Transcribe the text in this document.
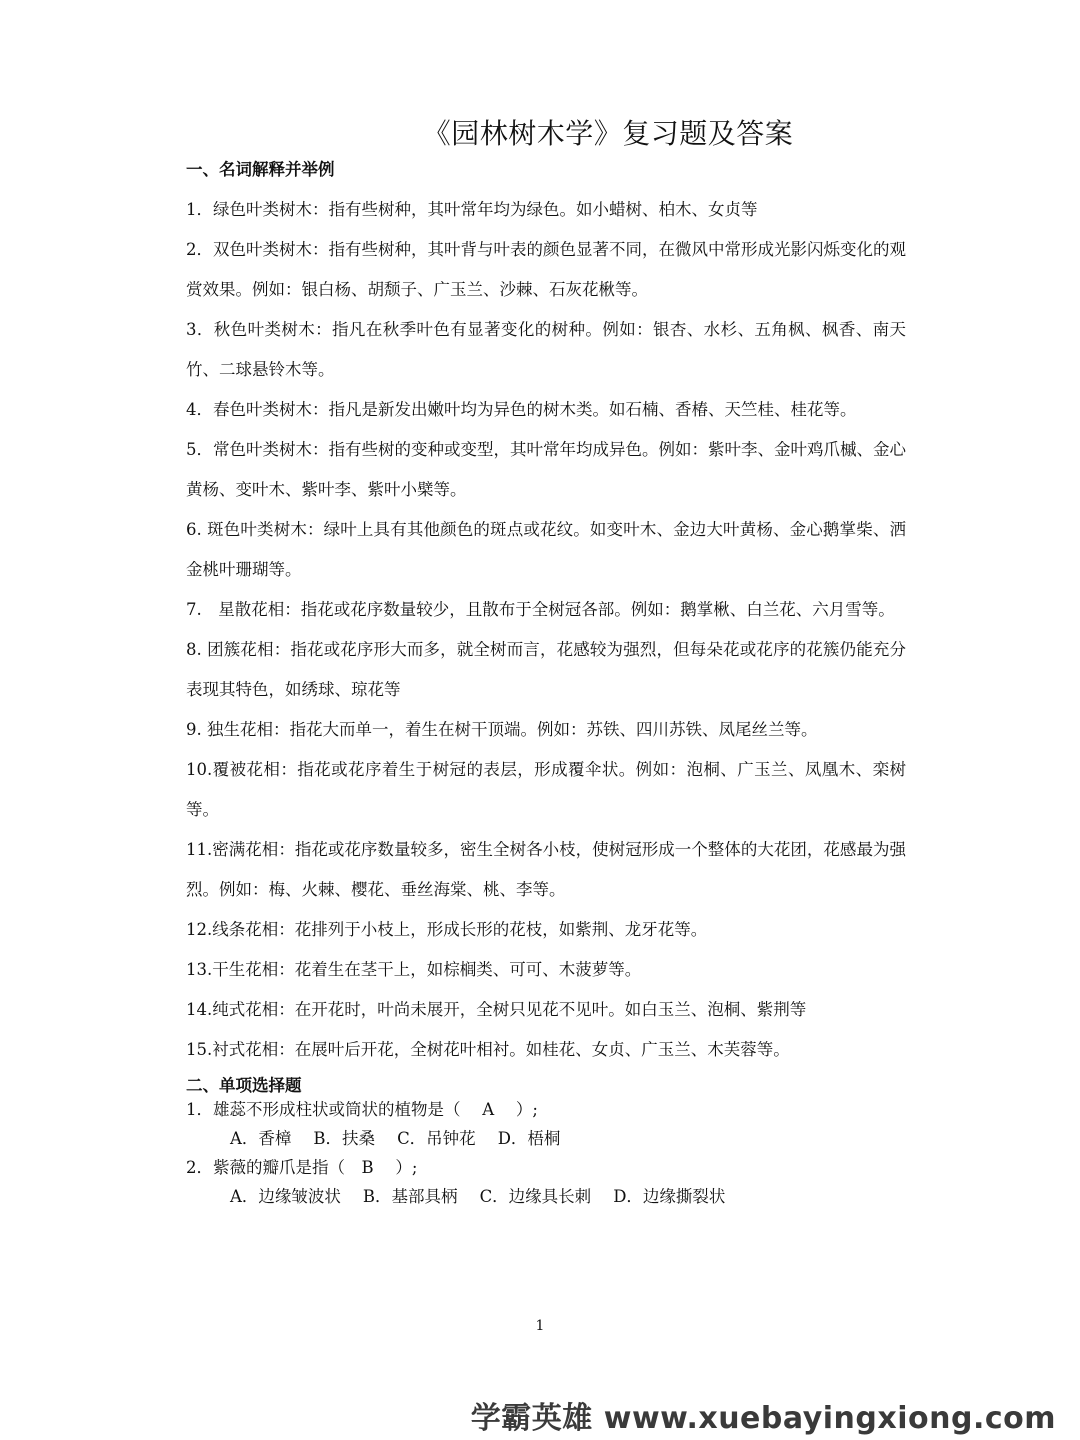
《园林树木学》复习题及答案

一、名词解释并举例

1．绿色叶类树木：指有些树种，其叶常年均为绿色。如小蜡树、柏木、女贞等

2．双色叶类树木：指有些树种，其叶背与叶表的颜色显著不同，在微风中常形成光影闪烁变化的观赏效果。例如：银白杨、胡颓子、广玉兰、沙棘、石灰花楸等。

3．秋色叶类树木：指凡在秋季叶色有显著变化的树种。例如：银杏、水杉、五角枫、枫香、南天竹、二球悬铃木等。

4．春色叶类树木：指凡是新发出嫩叶均为异色的树木类。如石楠、香椿、天竺桂、桂花等。

5．常色叶类树木：指有些树的变种或变型，其叶常年均成异色。例如：紫叶李、金叶鸡爪槭、金心黄杨、变叶木、紫叶李、紫叶小檗等。

6. 斑色叶类树木：绿叶上具有其他颜色的斑点或花纹。如变叶木、金边大叶黄杨、金心鹅掌柴、洒金桃叶珊瑚等。

7.　星散花相：指花或花序数量较少，且散布于全树冠各部。例如：鹅掌楸、白兰花、六月雪等。

8. 团簇花相：指花或花序形大而多，就全树而言，花感较为强烈，但每朵花或花序的花簇仍能充分表现其特色，如绣球、琼花等

9. 独生花相：指花大而单一，着生在树干顶端。例如：苏铁、四川苏铁、凤尾丝兰等。

10.覆被花相：指花或花序着生于树冠的表层，形成覆伞状。例如：泡桐、广玉兰、凤凰木、栾树等。

11.密满花相：指花或花序数量较多，密生全树各小枝，使树冠形成一个整体的大花团，花感最为强烈。例如：梅、火棘、樱花、垂丝海棠、桃、李等。

12.线条花相：花排列于小枝上，形成长形的花枝，如紫荆、龙牙花等。

13.干生花相：花着生在茎干上，如棕榈类、可可、木菠萝等。

14.纯式花相：在开花时，叶尚未展开，全树只见花不见叶。如白玉兰、泡桐、紫荆等

15.衬式花相：在展叶后开花，全树花叶相衬。如桂花、女贞、广玉兰、木芙蓉等。

二、单项选择题

1．雄蕊不形成柱状或筒状的植物是（　 A　 ）;

A．香樟 B．扶桑 C．吊钟花 D．梧桐

2．紫薇的瓣爪是指（　B　 ）;

A．边缘皱波状 B．基部具柄 C．边缘具长刺 D．边缘撕裂状

1
学霸英雄 www.xuebayingxiong.com
